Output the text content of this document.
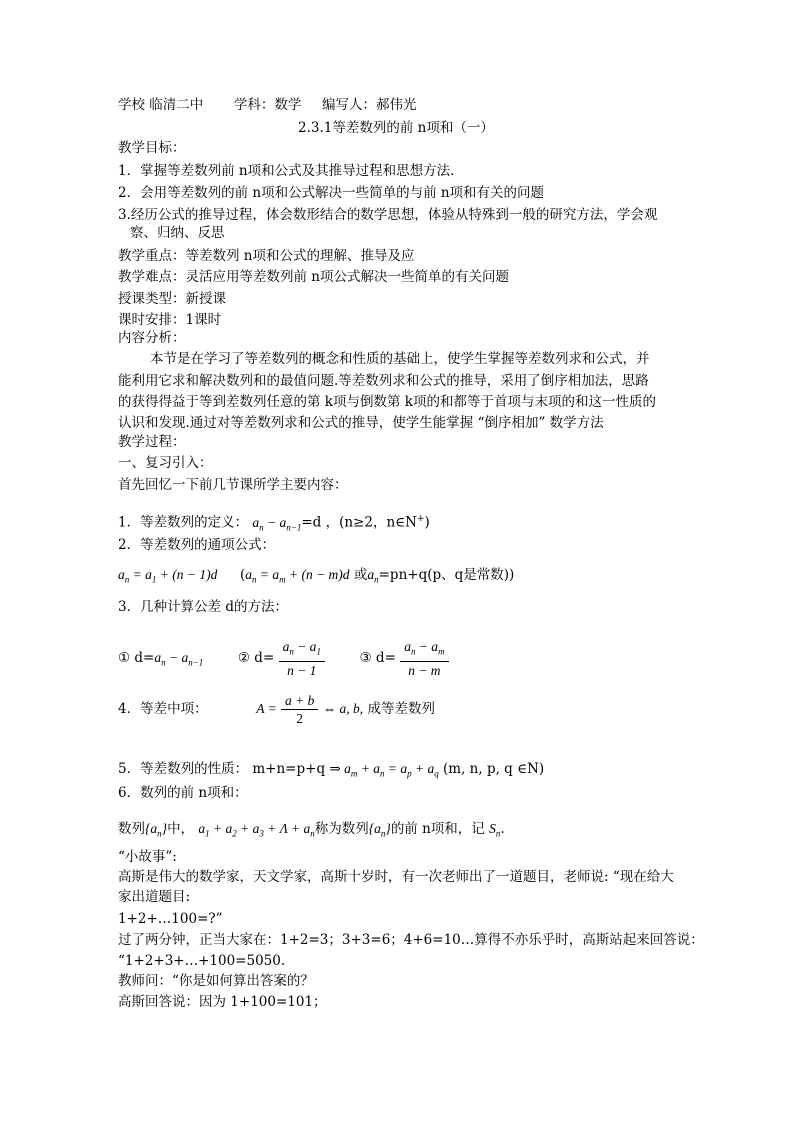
学校 临清二中 学科：数学 编写人：郝伟光
2.3.1等差数列的前 n项和（一）
教学目标：
1．掌握等差数列前 n项和公式及其推导过程和思想方法．
2．会用等差数列的前 n项和公式解决一些简单的与前 n项和有关的问题
3.经历公式的推导过程，体会数形结合的数学思想，体验从特殊到一般的研究方法，学会观
察、归纳、反思
教学重点：等差数列 n项和公式的理解、推导及应
教学难点：灵活应用等差数列前 n项公式解决一些简单的有关问题
授课类型：新授课
课时安排：1课时
内容分析：
本节是在学习了等差数列的概念和性质的基础上，使学生掌握等差数列求和公式，并
能利用它求和解决数列和的最值问题.等差数列求和公式的推导，采用了倒序相加法，思路
的获得得益于等到差数列任意的第 k项与倒数第 k项的和都等于首项与末项的和这一性质的
认识和发现.通过对等差数列求和公式的推导，使学生能掌握 “倒序相加” 数学方法
教学过程：
一、复习引入：
首先回忆一下前几节课所学主要内容：
1．等差数列的定义： $a_n - a_{n-1}=d$ ，(n≥2，n∈N+)
2．等差数列的通项公式：
$a_n = a_1 + (n - 1)d$ ($a_n = a_m + (n - m)d$ 或$a_n=pn+q(p$、q是常数))
3．几种计算公差 d的方法：
① $d=a_n - a_{n-1}$	② $d= \frac{a_n - a_1}{n - 1}$	③ $d= \frac{a_n - a_m}{n - m}$
4．等差中项：	$A = \frac{a + b}{2}$ ⇔ a, b, 成等差数列
5．等差数列的性质： m+n=p+q ⇒ $a_m + a_n = a_p + a_q$ (m, n, p, q ∈N)
6．数列的前 n项和：
数列$\{a_n\}$中， $a_1 + a_2 + a_3 + \Lambda + a_n$称为数列$\{a_n\}$的前 n项和，记 $S_n$.
“小故事”:
高斯是伟大的数学家，天文学家，高斯十岁时，有一次老师出了一道题目，老师说: “现在给大
家出道题目:
1+2+…100=?”
过了两分钟，正当大家在：1+2=3；3+3=6；4+6=10…算得不亦乐乎时，高斯站起来回答说：
“1+2+3+…+100=5050.
教师问：“你是如何算出答案的？
高斯回答说：因为 1+100=101；
